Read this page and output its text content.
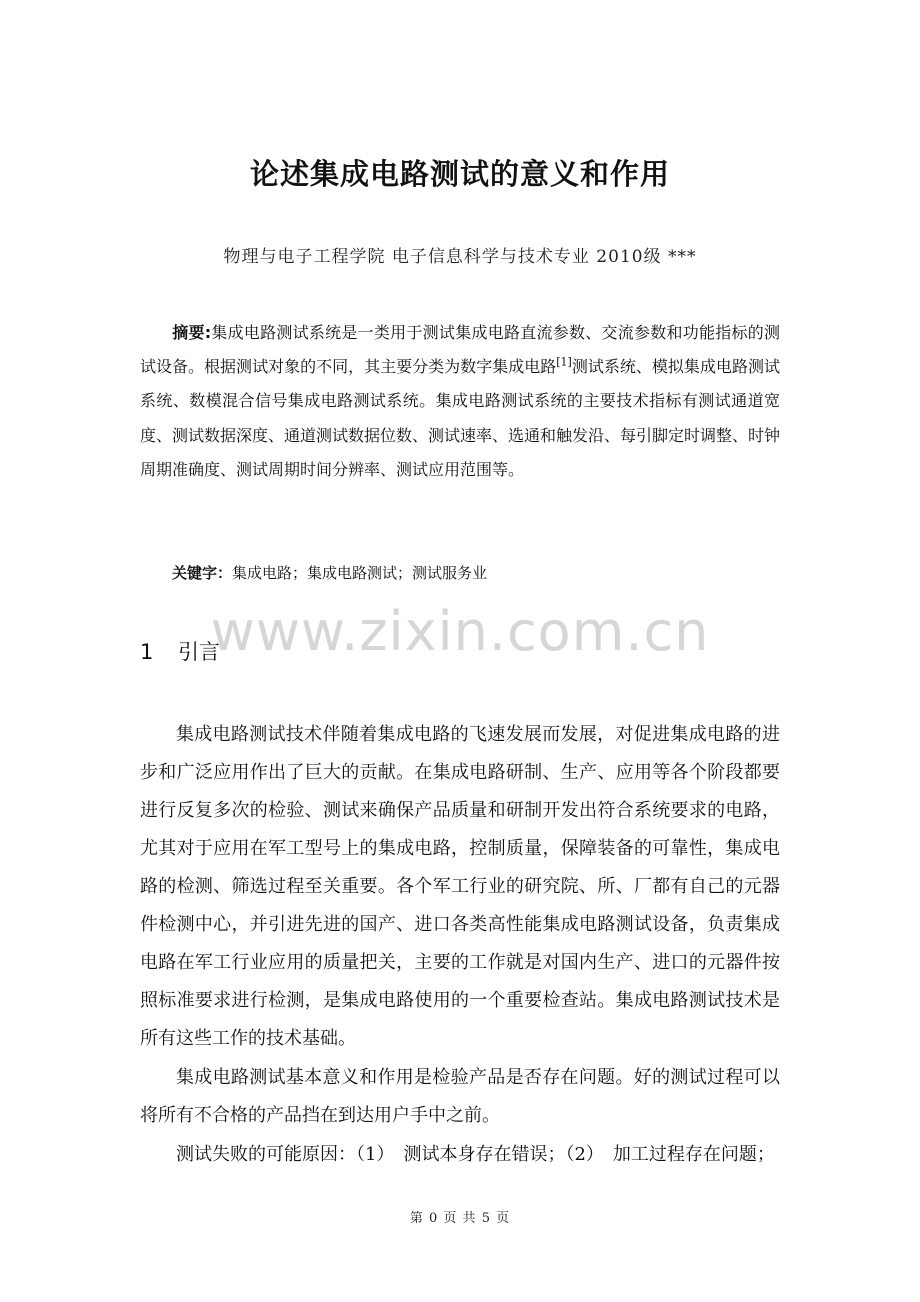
www.zixin.com.cn
论述集成电路测试的意义和作用
物理与电子工程学院 电子信息科学与技术专业 2010级 ***
摘要:集成电路测试系统是一类用于测试集成电路直流参数、交流参数和功能指标的测试设备。根据测试对象的不同，其主要分类为数字集成电路[1]测试系统、模拟集成电路测试系统、数模混合信号集成电路测试系统。集成电路测试系统的主要技术指标有测试通道宽度、测试数据深度、通道测试数据位数、测试速率、选通和触发沿、每引脚定时调整、时钟周期准确度、测试周期时间分辨率、测试应用范围等。
关键字：集成电路；集成电路测试；测试服务业
1 引言

集成电路测试技术伴随着集成电路的飞速发展而发展，对促进集成电路的进步和广泛应用作出了巨大的贡献。在集成电路研制、生产、应用等各个阶段都要进行反复多次的检验、测试来确保产品质量和研制开发出符合系统要求的电路，尤其对于应用在军工型号上的集成电路，控制质量，保障装备的可靠性，集成电路的检测、筛选过程至关重要。各个军工行业的研究院、所、厂都有自己的元器件检测中心，并引进先进的国产、进口各类高性能集成电路测试设备，负责集成电路在军工行业应用的质量把关，主要的工作就是对国内生产、进口的元器件按照标准要求进行检测，是集成电路使用的一个重要检查站。集成电路测试技术是所有这些工作的技术基础。

集成电路测试基本意义和作用是检验产品是否存在问题。好的测试过程可以将所有不合格的产品挡在到达用户手中之前。

测试失败的可能原因：（1）　测试本身存在错误；（2）　加工过程存在问题；

第 0 页 共 5 页
